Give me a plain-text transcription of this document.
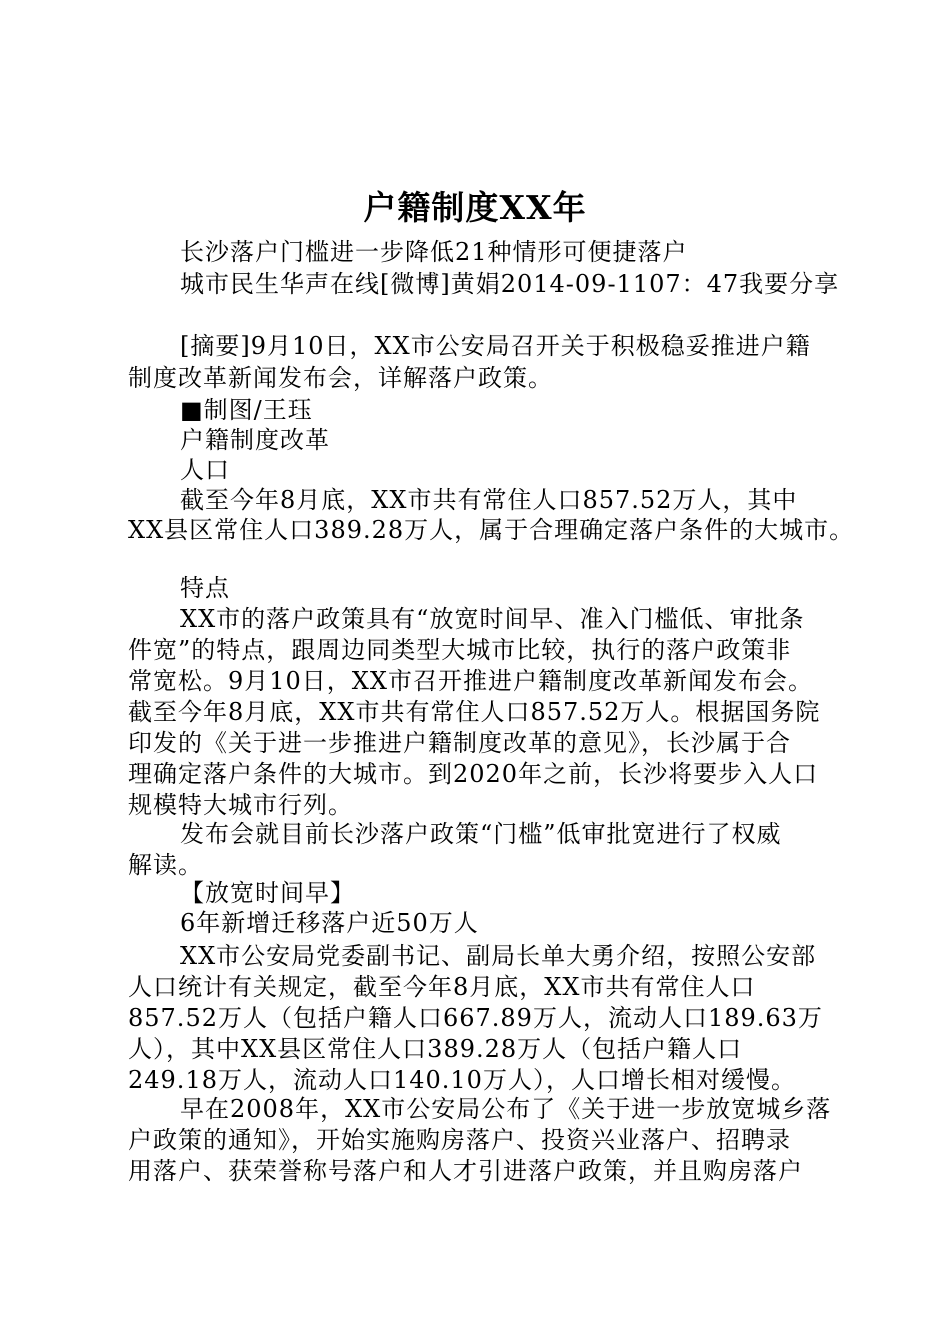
户籍制度XX年
长沙落户门槛进一步降低21种情形可便捷落户
城市民生华声在线[微博]黄娟2014-09-1107：47我要分享
[摘要]9月10日，XX市公安局召开关于积极稳妥推进户籍
制度改革新闻发布会，详解落户政策。
■制图/王珏
户籍制度改革
人口
截至今年8月底，XX市共有常住人口857.52万人，其中
XX县区常住人口389.28万人，属于合理确定落户条件的大城市。
特点
XX市的落户政策具有“放宽时间早、准入门槛低、审批条
件宽”的特点，跟周边同类型大城市比较，执行的落户政策非
常宽松。9月10日，XX市召开推进户籍制度改革新闻发布会。
截至今年8月底，XX市共有常住人口857.52万人。根据国务院
印发的《关于进一步推进户籍制度改革的意见》，长沙属于合
理确定落户条件的大城市。到2020年之前，长沙将要步入人口
规模特大城市行列。
发布会就目前长沙落户政策“门槛”低审批宽进行了权威
解读。
【放宽时间早】
6年新增迁移落户近50万人
XX市公安局党委副书记、副局长单大勇介绍，按照公安部
人口统计有关规定，截至今年8月底，XX市共有常住人口
857.52万人（包括户籍人口667.89万人，流动人口189.63万
人），其中XX县区常住人口389.28万人（包括户籍人口
249.18万人，流动人口140.10万人），人口增长相对缓慢。
早在2008年，XX市公安局公布了《关于进一步放宽城乡落
户政策的通知》，开始实施购房落户、投资兴业落户、招聘录
用落户、获荣誉称号落户和人才引进落户政策，并且购房落户
